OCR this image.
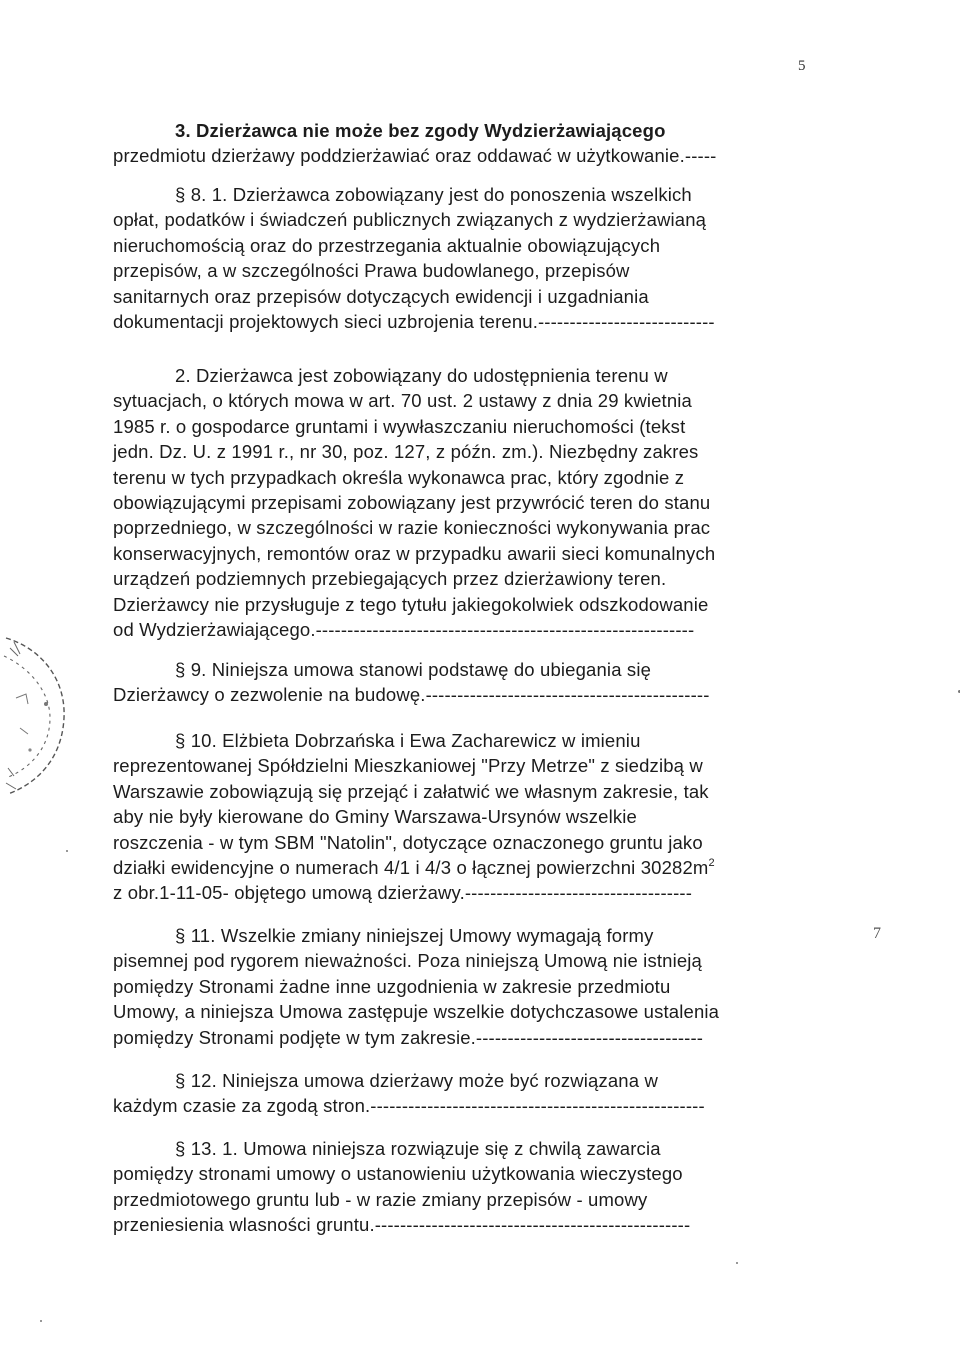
5
3. Dzierżawca nie może bez zgody Wydzierżawiającego
przedmiotu dzierżawy poddzierżawiać oraz oddawać w użytkowanie.-----
§ 8. 1. Dzierżawca zobowiązany jest do ponoszenia wszelkich
opłat, podatków i świadczeń publicznych związanych z wydzierżawianą
nieruchomością oraz do przestrzegania aktualnie obowiązujących
przepisów, a w szczególności Prawa budowlanego, przepisów
sanitarnych oraz przepisów dotyczących ewidencji i uzgadniania
dokumentacji projektowych sieci uzbrojenia terenu.----------------------------
2. Dzierżawca jest zobowiązany do udostępnienia terenu w
sytuacjach, o których mowa w art. 70 ust. 2 ustawy z dnia 29 kwietnia
1985 r. o gospodarce gruntami i wywłaszczaniu nieruchomości (tekst
jedn. Dz. U. z 1991 r., nr 30, poz. 127, z późn. zm.). Niezbędny zakres
terenu w tych przypadkach określa wykonawca prac, który zgodnie z
obowiązującymi przepisami zobowiązany jest przywrócić teren do stanu
poprzedniego, w szczególności w razie konieczności wykonywania prac
konserwacyjnych, remontów oraz w przypadku awarii sieci komunalnych
urządzeń podziemnych przebiegających przez dzierżawiony teren.
Dzierżawcy nie przysługuje z tego tytułu jakiegokolwiek odszkodowanie
od Wydzierżawiającego.------------------------------------------------------------
§ 9. Niniejsza umowa stanowi podstawę do ubiegania się
Dzierżawcy o zezwolenie na budowę.---------------------------------------------
§ 10. Elżbieta Dobrzańska i Ewa Zacharewicz w imieniu
reprezentowanej Spółdzielni Mieszkaniowej "Przy Metrze" z siedzibą w
Warszawie zobowiązują się przejąć i załatwić we własnym zakresie, tak
aby nie były kierowane do Gminy Warszawa-Ursynów wszelkie
roszczenia - w tym SBM "Natolin", dotyczące oznaczonego gruntu jako
działki ewidencyjne o numerach 4/1 i 4/3 o łącznej powierzchni $30282m^2$
z obr.1-11-05- objętego umową dzierżawy.------------------------------------
§ 11. Wszelkie zmiany niniejszej Umowy wymagają formy
pisemnej pod rygorem nieważności. Poza niniejszą Umową nie istnieją
pomiędzy Stronami żadne inne uzgodnienia w zakresie przedmiotu
Umowy, a niniejsza Umowa zastępuje wszelkie dotychczasowe ustalenia
pomiędzy Stronami podjęte w tym zakresie.------------------------------------
§ 12. Niniejsza umowa dzierżawy może być rozwiązana w
każdym czasie za zgodą stron.-----------------------------------------------------
§ 13. 1. Umowa niniejsza rozwiązuje się z chwilą zawarcia
pomiędzy stronami umowy o ustanowieniu użytkowania wieczystego
przedmiotowego gruntu lub - w razie zmiany przepisów - umowy
przeniesienia wlasności gruntu.--------------------------------------------------
7
